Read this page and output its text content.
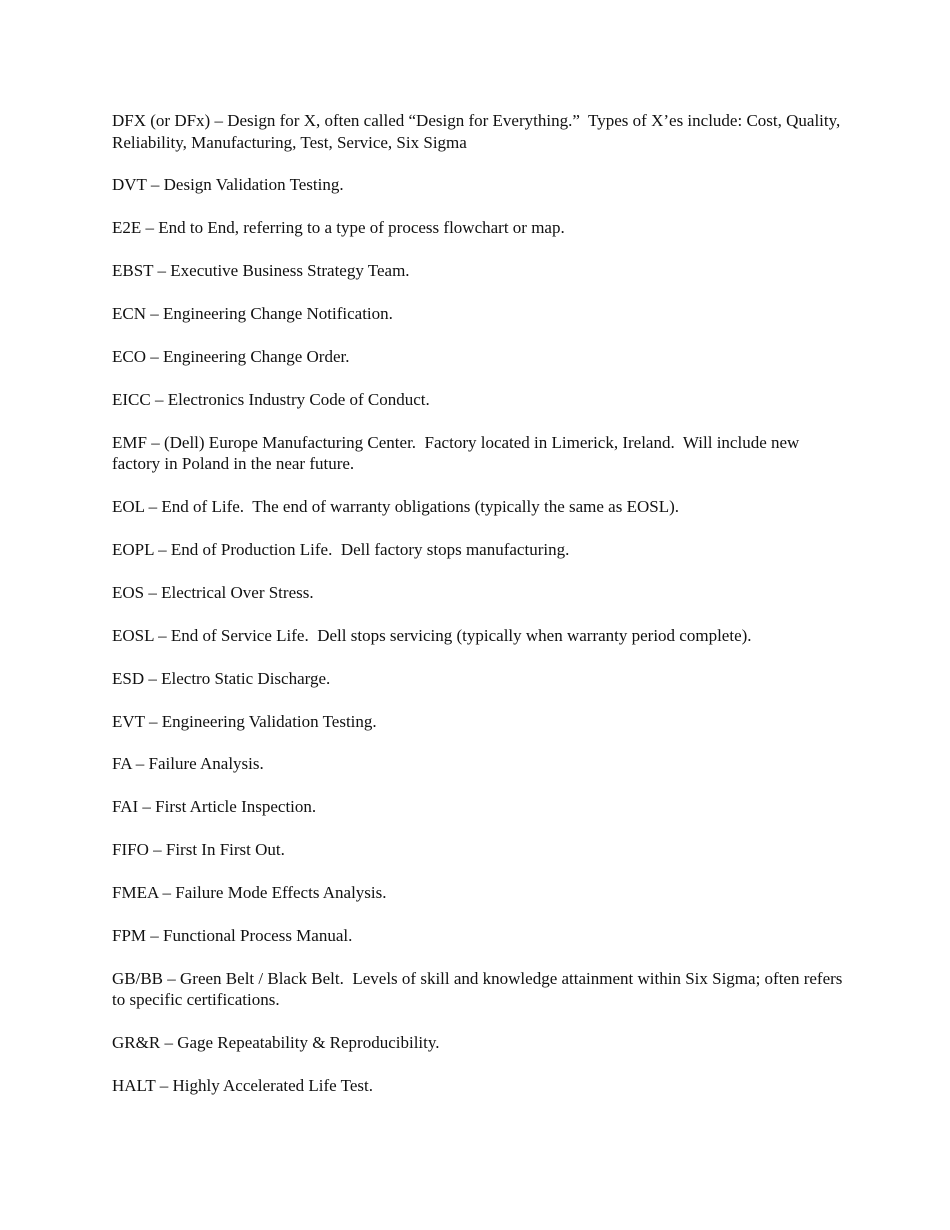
DFX (or DFx) – Design for X, often called “Design for Everything.”  Types of X’es include: Cost, Quality, Reliability, Manufacturing, Test, Service, Six Sigma
DVT – Design Validation Testing.
E2E – End to End, referring to a type of process flowchart or map.
EBST – Executive Business Strategy Team.
ECN – Engineering Change Notification.
ECO – Engineering Change Order.
EICC – Electronics Industry Code of Conduct.
EMF – (Dell) Europe Manufacturing Center.  Factory located in Limerick, Ireland.  Will include new factory in Poland in the near future.
EOL – End of Life.  The end of warranty obligations (typically the same as EOSL).
EOPL – End of Production Life.  Dell factory stops manufacturing.
EOS – Electrical Over Stress.
EOSL – End of Service Life.  Dell stops servicing (typically when warranty period complete).
ESD – Electro Static Discharge.
EVT – Engineering Validation Testing.
FA – Failure Analysis.
FAI – First Article Inspection.
FIFO – First In First Out.
FMEA – Failure Mode Effects Analysis.
FPM – Functional Process Manual.
GB/BB – Green Belt / Black Belt.  Levels of skill and knowledge attainment within Six Sigma; often refers to specific certifications.
GR&R – Gage Repeatability & Reproducibility.
HALT – Highly Accelerated Life Test.
